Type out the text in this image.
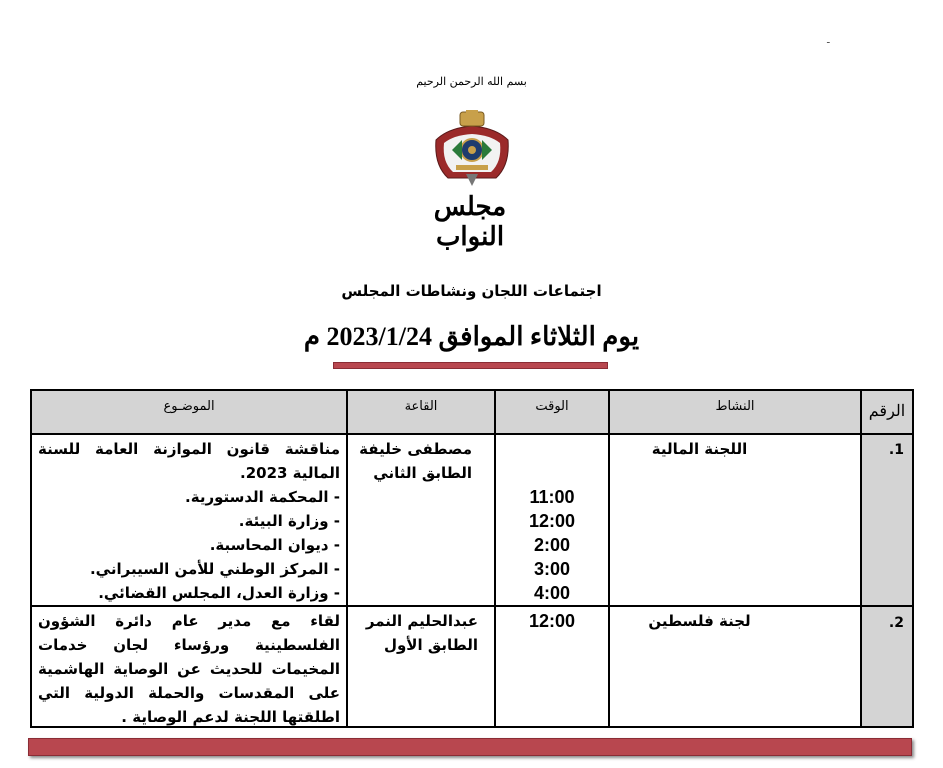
ـ
بسم الله الرحمن الرحيم
مجلس النواب
اجتماعات اللجان ونشاطات المجلس
يوم الثلاثاء الموافق 2023/1/24 م
الرقم
النشاط
الوقت
القاعة
الموضـوع
1.
اللجنة المالية
11:00
12:00
2:00
3:00
4:00
مصطفى خليفة
الطابق الثاني
مناقشة قانون الموازنة العامة للسنة المالية 2023.
- المحكمة الدستورية.
- وزارة البيئة.
- ديوان المحاسبة.
- المركز الوطني للأمن السيبراني.
- وزارة العدل، المجلس القضائي.
2.
لجنة فلسطين
12:00
عبدالحليم النمر
الطابق الأول
لقاء مع مدير عام دائرة الشؤون الفلسطينية ورؤساء لجان خدمات المخيمات للحديث عن الوصاية الهاشمية على المقدسات والحملة الدولية التي اطلقتها اللجنة لدعم الوصاية .
